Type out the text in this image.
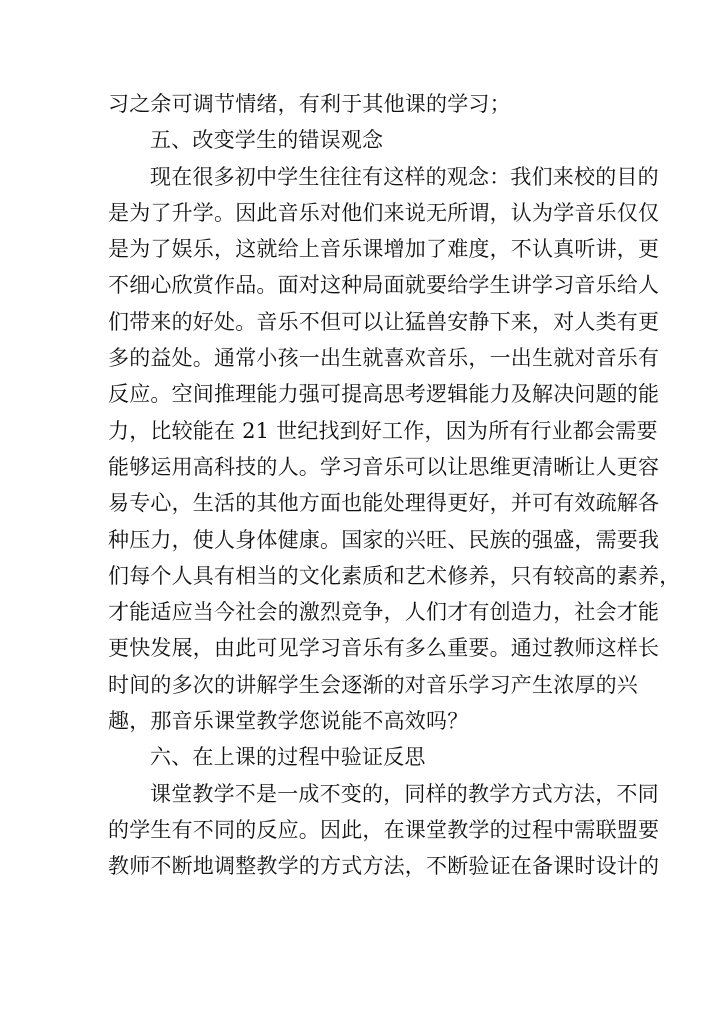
习之余可调节情绪，有利于其他课的学习；
五、改变学生的错误观念
现在很多初中学生往往有这样的观念：我们来校的目的
是为了升学。因此音乐对他们来说无所谓，认为学音乐仅仅
是为了娱乐，这就给上音乐课增加了难度，不认真听讲，更
不细心欣赏作品。面对这种局面就要给学生讲学习音乐给人
们带来的好处。音乐不但可以让猛兽安静下来，对人类有更
多的益处。通常小孩一出生就喜欢音乐，一出生就对音乐有
反应。空间推理能力强可提高思考逻辑能力及解决问题的能
力，比较能在 21 世纪找到好工作，因为所有行业都会需要
能够运用高科技的人。学习音乐可以让思维更清晰让人更容
易专心，生活的其他方面也能处理得更好，并可有效疏解各
种压力，使人身体健康。国家的兴旺、民族的强盛，需要我
们每个人具有相当的文化素质和艺术修养，只有较高的素养，
才能适应当今社会的激烈竞争，人们才有创造力，社会才能
更快发展，由此可见学习音乐有多么重要。通过教师这样长
时间的多次的讲解学生会逐渐的对音乐学习产生浓厚的兴
趣，那音乐课堂教学您说能不高效吗？
六、在上课的过程中验证反思
课堂教学不是一成不变的，同样的教学方式方法，不同
的学生有不同的反应。因此，在课堂教学的过程中需联盟要
教师不断地调整教学的方式方法，不断验证在备课时设计的
